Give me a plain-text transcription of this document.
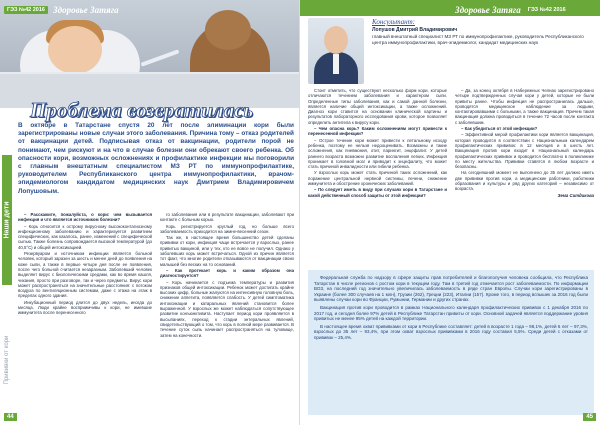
ГЭЗ №42 2016 Здоровье Затяга
Наши дети
Проблема возвратилась
В октябре в Татарстане спустя 20 лет после элиминации кори были зарегистрированы новые случаи этого заболевания. Причина тому – отказ родителей от вакцинации детей. Подписывая отказ от вакцинации, родители порой не понимают, чем рискуют и на что в случае болезни они обрекают своего ребенка. Об опасности кори, возможных осложнениях и профилактике инфекции мы поговорили с главным внештатным специалистом МЗ РТ по иммунопрофилактике, руководителем Республиканского центра иммунопрофилактики, врачом-эпидемиологом кандидатом медицинских наук Дмитрием Владимировичем Лопушовым.

– Расскажите, пожалуйста, о кори: чем вызывается инфекция и что является источником болезни?

– Корь относится к острому вирусному высококонтагиозному инфекционному заболеванию и характеризуется развитием специфических, как казалось, ранее, изменений с специфической сыпью. Также болезнь сопровождается высокой температурой (до 40,5°С) и общей интоксикацией.

Резервуаром и источником инфекции является больной человек, который заразен за шесть и менее дней до появления на коже сыпи, а также в первые четыре дня после ее появления, после чего больной считается незаразным. Заболевший человек выделяет вирус с биологическими средами, как во время кашля, чихания, просто при разговоре, так и через предметы. Вирус кори может распространяться на значительные расстояния: с потоком воздуха по вентиляционным системам, даже с этажа на этаж в пределах одного здания.

Инкубационный период длится до двух недель, иногда до месяца. Люди крайне восприимчивы к кори, не имевшие иммунитета после перенесенного

го заболевания или в результате вакцинации, заболевают при контакте с больным корью.

Корь регистрируется круглый год, но больше всего заболеваемость приходится на зимне-весенний сезон.

Так же, в настоящее время большинство детей сделаны прививки от кори, инфекция чаще встречается у взрослых, ранее привитых вакциной, или у тех, кто ее вовсе не получил. Однако у заболевших корь может встречаться. Одной из причин является тот факт, что многие родители отказываются от вакцинации своих малышей без веских на то оснований.

– Как протекает корь и каким образом она диагностируется?

– Корь начинается с подъема температуры и развития признаков общей интоксикации. Ребенок может достигать крайне высоких цифр, больные жалуются на интенсивную головную боль, снижение аппетита, появляется слабость. У детей симптоматика интоксикации и катаральных явлений становится более выраженной. У взрослых же может наблюдаться сопутствующее развитие конъюнктивита. Наступает период кори проявляется в высыпаниях, переход к стадии энтеральных явлений, свидетельствующий о том, что корь в полной мере развивается. В течение суток сыпь начинает распространяться на туловище, затем на конечности.

Прививки от кори
44
Здоровье Затяга	ГЭЗ №42 2016
Консультант:
Лопушов Дмитрий Владимирович
главный внештатный специалист МЗ РТ по иммунопрофилактике, руководитель Республиканского центра иммунопрофилактики, врач-эпидемиолог, кандидат медицинских наук

Стоит отметить, что существуют несколько форм кори, которые отличаются течением заболевания и характером сыпи. Определенные типы заболевания, как и самой данной болезни, является наличие общей интоксикации, а также осложнений. Диагноз кори ставится на основании клинической картины и результатов лабораторного исследования крови, которое позволяет определить антитела к вирусу кори.

– Чем опасна корь? Каким осложнениям могут привести к перенесенной инфекции?

– Острое течение кори может привести к летальному исходу ребенка, поэтому ее нельзя недооценивать. Возможны и такие осложнения, как пневмония, отит, ларингит, энцефалит. У детей раннего возраста возможно развитие воспаления легких. Инфекция проникает в головной мозг и приводит к энцефалиту, что может стать причиной инвалидности или гибели ребенка.

У взрослых корь может стать причиной таких осложнений, как поражение центральной нервной системы, печени, снижение иммунитета и обострение хронических заболеваний.

– По следует иметь в виду при случаях кори в Татарстане и какой действенный способ защиты от этой инфекции?

– Да, за конец октября в Набережных Челнах зарегистрировано четыре подтвержденных случая кори у детей, которые не были привиты ранее. Чтобы инфекция не распространилась дальше, проводятся медицинское наблюдение за людьми, контактировавшими с больными, а также вакцинация. Причем такая вакцинация должна проводиться в течение 72 часов после контакта с заболевшим.

– Как убедиться от этой инфекции?

– Эффективной мерой профилактики кори является вакцинация, которая проводится в соответствии с Национальным календарем профилактических прививок: в 12 месяцев и в шесть лет. Вакцинация против кори входит в Национальный календарь профилактических прививок и проводится бесплатно в поликлинике по месту жительства. Прививки ставятся в любом возрасте и безопасны.

На сегодняшний момент не выполнено до 35 лет должно иметь две прививки против кори, а медицинские работники, работники образования и культуры и ряд других категорий – независимо от возраста.

Зема Ситдикова

Федеральная служба по надзору в сфере защиты прав потребителей и благополучия человека сообщила, что Республика Татарстан в числе регионов с ростом кори в текущем году. Там в третий год отмечается рост заболеваемости. По информации ВОЗ, на последний год значительно увеличилась заболеваемость в ряде стран Европы. Случаи кори зарегистрированы в Украине (более 300 случаев на 1 млн), Грузии (262), Греции (223), Италии (157). Кроме того, в период вспышек за 2016 год были выявлены случаи кори во Франции, Румынии, Германии и других странах.

Вакцинация против кори проводится в рамках Национального календаря профилактических прививок с 1 декабря 2016 по 2017 год, и сегодня более 97% детей в Республике Татарстан привиты от кори. Основной задачей является поддержание уровня привитых не менее 95% детей на каждой территории.

В настоящее время охват прививками от кори в Республике составляет: детей в возрасте 1 года – 98,1%, детей 6 лет – 97,3%, взрослых до 35 лет – 93,4%, при этом охват взрослых прививками в 2016 году составил 5,5%. Среди детей с отказами от прививок – 25,4%.

45
